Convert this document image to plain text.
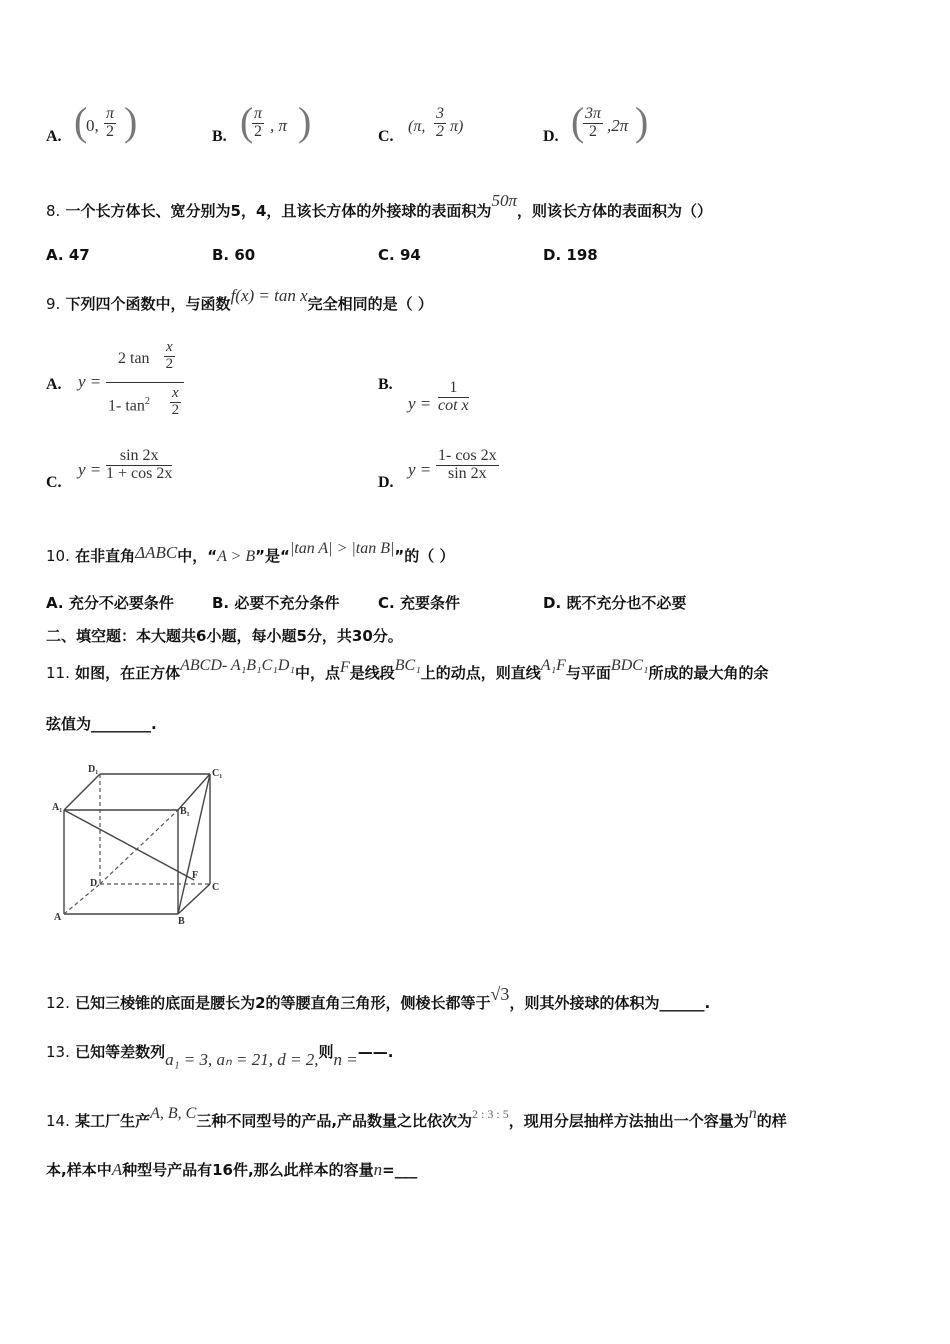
A. (
0, $\frac{\pi}{2}$ )	B. (
$\frac{\pi}{2}$ , π )	C.
(π, $\frac{3}{2} \pi$)
D. (
$\frac{3\pi}{2} ,2\pi$ )
8. 一个长方体长、宽分别为5，4，且该长方体的外接球的表面积为50π，则该长方体的表面积为（）
A. 47	B. 60	C. 94	D. 198
9. 下列四个函数中，与函数f(x) = tan x完全相同的是（ ）
A. y =
2 $\tan \frac{x}{2}$
1- $\tan^2 \frac{x}{2}$
B.
$y = \frac{1}{\text{cot x}}$
C.
$y = \frac{\sin 2x}{1 + \cos 2x}$	D.
$y = \frac{1- \cos 2x}{\sin 2x}$
10. 在非直角ΔABC中，“A > B”是“|tan A| > |tan B|”的（ ）
A. 充分不必要条件	B. 必要不充分条件	C. 充要条件	D. 既不充分也不必要
二、填空题：本大题共6小题，每小题5分，共30分。
11. 如图，在正方体ABCD- A₁B₁C₁D₁中，点F是线段BC₁上的动点，则直线A₁F与平面BDC₁所成的最大角的余
弦值为________.
D₁	C₁
A₁	B₁
D
F
C
A	B
12. 已知三棱锥的底面是腰长为2的等腰直角三角形，侧棱长都等于√3，则其外接球的体积为______.
13. 已知等差数列a₁ = 3, aₙ = 21, d = 2,则n =——.
14. 某工厂生产A, B, C三种不同型号的产品,产品数量之比依次为$^{2 : 3 : 5}$，现用分层抽样方法抽出一个容量为n的样
本,样本中A种型号产品有16件,那么此样本的容量n=___
